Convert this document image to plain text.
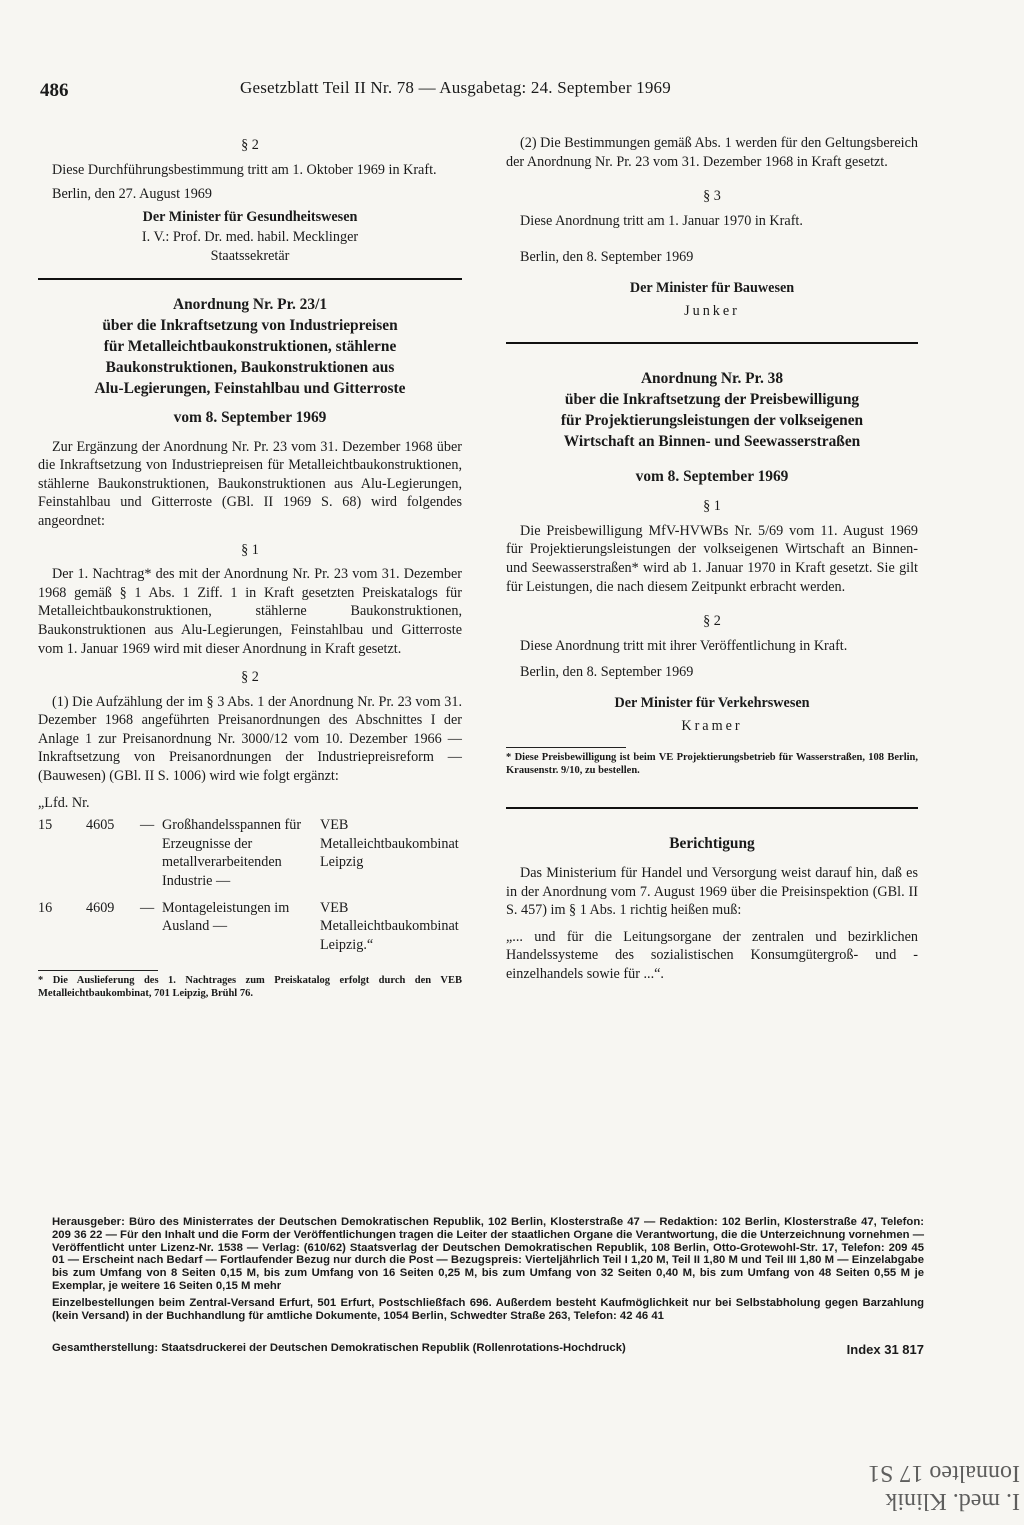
486	Gesetzblatt Teil II Nr. 78 — Ausgabetag: 24. September 1969
§ 2

Diese Durchführungsbestimmung tritt am 1. Oktober 1969 in Kraft.

Berlin, den 27. August 1969

Der Minister für Gesundheitswesen
I. V.: Prof. Dr. med. habil. Mecklinger
Staatssekretär

Anordnung Nr. Pr. 23/1

über die Inkraftsetzung von Industriepreisen

für Metalleichtbaukonstruktionen, stählerne

Baukonstruktionen, Baukonstruktionen aus

Alu-Legierungen, Feinstahlbau und Gitterroste

vom 8. September 1969

Zur Ergänzung der Anordnung Nr. Pr. 23 vom 31. Dezember 1968 über die Inkraftsetzung von Industriepreisen für Metalleichtbaukonstruktionen, stählerne Baukonstruktionen, Baukonstruktionen aus Alu-Legierungen, Feinstahlbau und Gitterroste (GBl. II 1969 S. 68) wird folgendes angeordnet:

§ 1

Der 1. Nachtrag* des mit der Anordnung Nr. Pr. 23 vom 31. Dezember 1968 gemäß § 1 Abs. 1 Ziff. 1 in Kraft gesetzten Preiskatalogs für Metalleichtbaukonstruktionen, stählerne Baukonstruktionen, Baukonstruktionen aus Alu-Legierungen, Feinstahlbau und Gitterroste vom 1. Januar 1969 wird mit dieser Anordnung in Kraft gesetzt.

§ 2

(1) Die Aufzählung der im § 3 Abs. 1 der Anordnung Nr. Pr. 23 vom 31. Dezember 1968 angeführten Preisanordnungen des Abschnittes I der Anlage 1 zur Preisanordnung Nr. 3000/12 vom 10. Dezember 1966 — Inkraftsetzung von Preisanordnungen der Industriepreisreform — (Bauwesen) (GBl. II S. 1006) wird wie folgt ergänzt:

„Lfd. Nr.

15	4605	—	Großhandelsspannen für Erzeugnisse der metallverarbeitenden Industrie —	VEB Metalleichtbaukombinat Leipzig
16	4609	—	Montageleistungen im Ausland —	VEB Metalleichtbaukombinat Leipzig.“

* Die Auslieferung des 1. Nachtrages zum Preiskatalog erfolgt durch den VEB Metalleichtbaukombinat, 701 Leipzig, Brühl 76.

(2) Die Bestimmungen gemäß Abs. 1 werden für den Geltungsbereich der Anordnung Nr. Pr. 23 vom 31. Dezember 1968 in Kraft gesetzt.

§ 3

Diese Anordnung tritt am 1. Januar 1970 in Kraft.

Berlin, den 8. September 1969

Der Minister für Bauwesen
Junker

Anordnung Nr. Pr. 38

über die Inkraftsetzung der Preisbewilligung

für Projektierungsleistungen der volkseigenen

Wirtschaft an Binnen- und Seewasserstraßen

vom 8. September 1969

§ 1

Die Preisbewilligung MfV-HVWBs Nr. 5/69 vom 11. August 1969 für Projektierungsleistungen der volkseigenen Wirtschaft an Binnen- und Seewasserstraßen* wird ab 1. Januar 1970 in Kraft gesetzt. Sie gilt für Leistungen, die nach diesem Zeitpunkt erbracht werden.

§ 2

Diese Anordnung tritt mit ihrer Veröffentlichung in Kraft.

Berlin, den 8. September 1969

Der Minister für Verkehrswesen
Kramer

* Diese Preisbewilligung ist beim VE Projektierungsbetrieb für Wasserstraßen, 108 Berlin, Krausenstr. 9/10, zu bestellen.

Berichtigung

Das Ministerium für Handel und Versorgung weist darauf hin, daß es in der Anordnung vom 7. August 1969 über die Preisinspektion (GBl. II S. 457) im § 1 Abs. 1 richtig heißen muß:

„... und für die Leitungsorgane der zentralen und bezirklichen Handelssysteme des sozialistischen Konsumgütergroß- und -einzelhandels sowie für ...“.

Herausgeber: Büro des Ministerrates der Deutschen Demokratischen Republik, 102 Berlin, Klosterstraße 47 — Redaktion: 102 Berlin, Klosterstraße 47, Telefon: 209 36 22 — Für den Inhalt und die Form der Veröffentlichungen tragen die Leiter der staatlichen Organe die Verantwortung, die die Unterzeichnung vornehmen — Veröffentlicht unter Lizenz-Nr. 1538 — Verlag: (610/62) Staatsverlag der Deutschen Demokratischen Republik, 108 Berlin, Otto-Grotewohl-Str. 17, Telefon: 209 45 01 — Erscheint nach Bedarf — Fortlaufender Bezug nur durch die Post — Bezugspreis: Vierteljährlich Teil I 1,20 M, Teil II 1,80 M und Teil III 1,80 M — Einzelabgabe bis zum Umfang von 8 Seiten 0,15 M, bis zum Umfang von 16 Seiten 0,25 M, bis zum Umfang von 32 Seiten 0,40 M, bis zum Umfang von 48 Seiten 0,55 M je Exemplar, je weitere 16 Seiten 0,15 M mehr

Einzelbestellungen beim Zentral-Versand Erfurt, 501 Erfurt, Postschließfach 696. Außerdem besteht Kaufmöglichkeit nur bei Selbstabholung gegen Barzahlung (kein Versand) in der Buchhandlung für amtliche Dokumente, 1054 Berlin, Schwedter Straße 263, Telefon: 42 46 41

Gesamtherstellung: Staatsdruckerei der Deutschen Demokratischen Republik (Rollenrotations-Hochdruck)	Index 31 817
I. med. Klinik
Ionnalteo 17 S1
